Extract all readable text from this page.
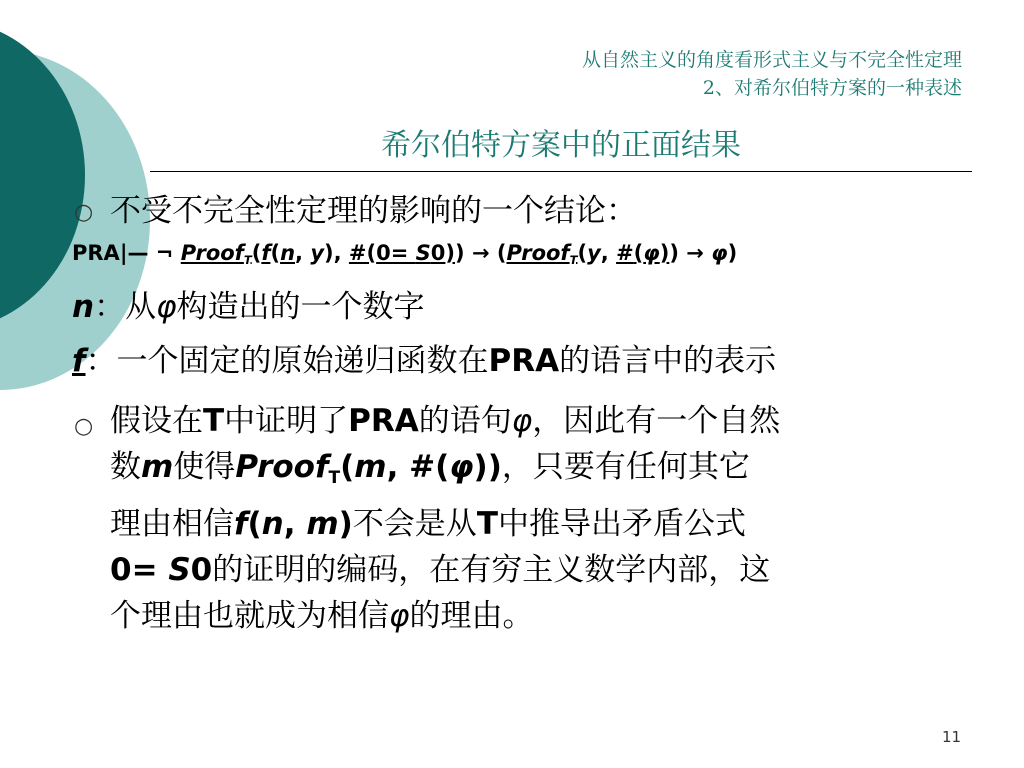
从自然主义的角度看形式主义与不完全性定理
2、对希尔伯特方案的一种表述
希尔伯特方案中的正面结果
○ 不受不完全性定理的影响的一个结论：
PRA|— ¬ Proof$_T$(f(n, y), #(0= S0)) → (Proof$_T$(y, #(φ)) → φ)
n：从φ构造出的一个数字
f：一个固定的原始递归函数在PRA的语言中的表示
○ 假设在T中证明了PRA的语句φ，因此有一个自然
数m使得Proof$_T$(m, #(φ))，只要有任何其它
理由相信f(n, m)不会是从T中推导出矛盾公式
0= S0的证明的编码，在有穷主义数学内部，这
个理由也就成为相信φ的理由。
11
